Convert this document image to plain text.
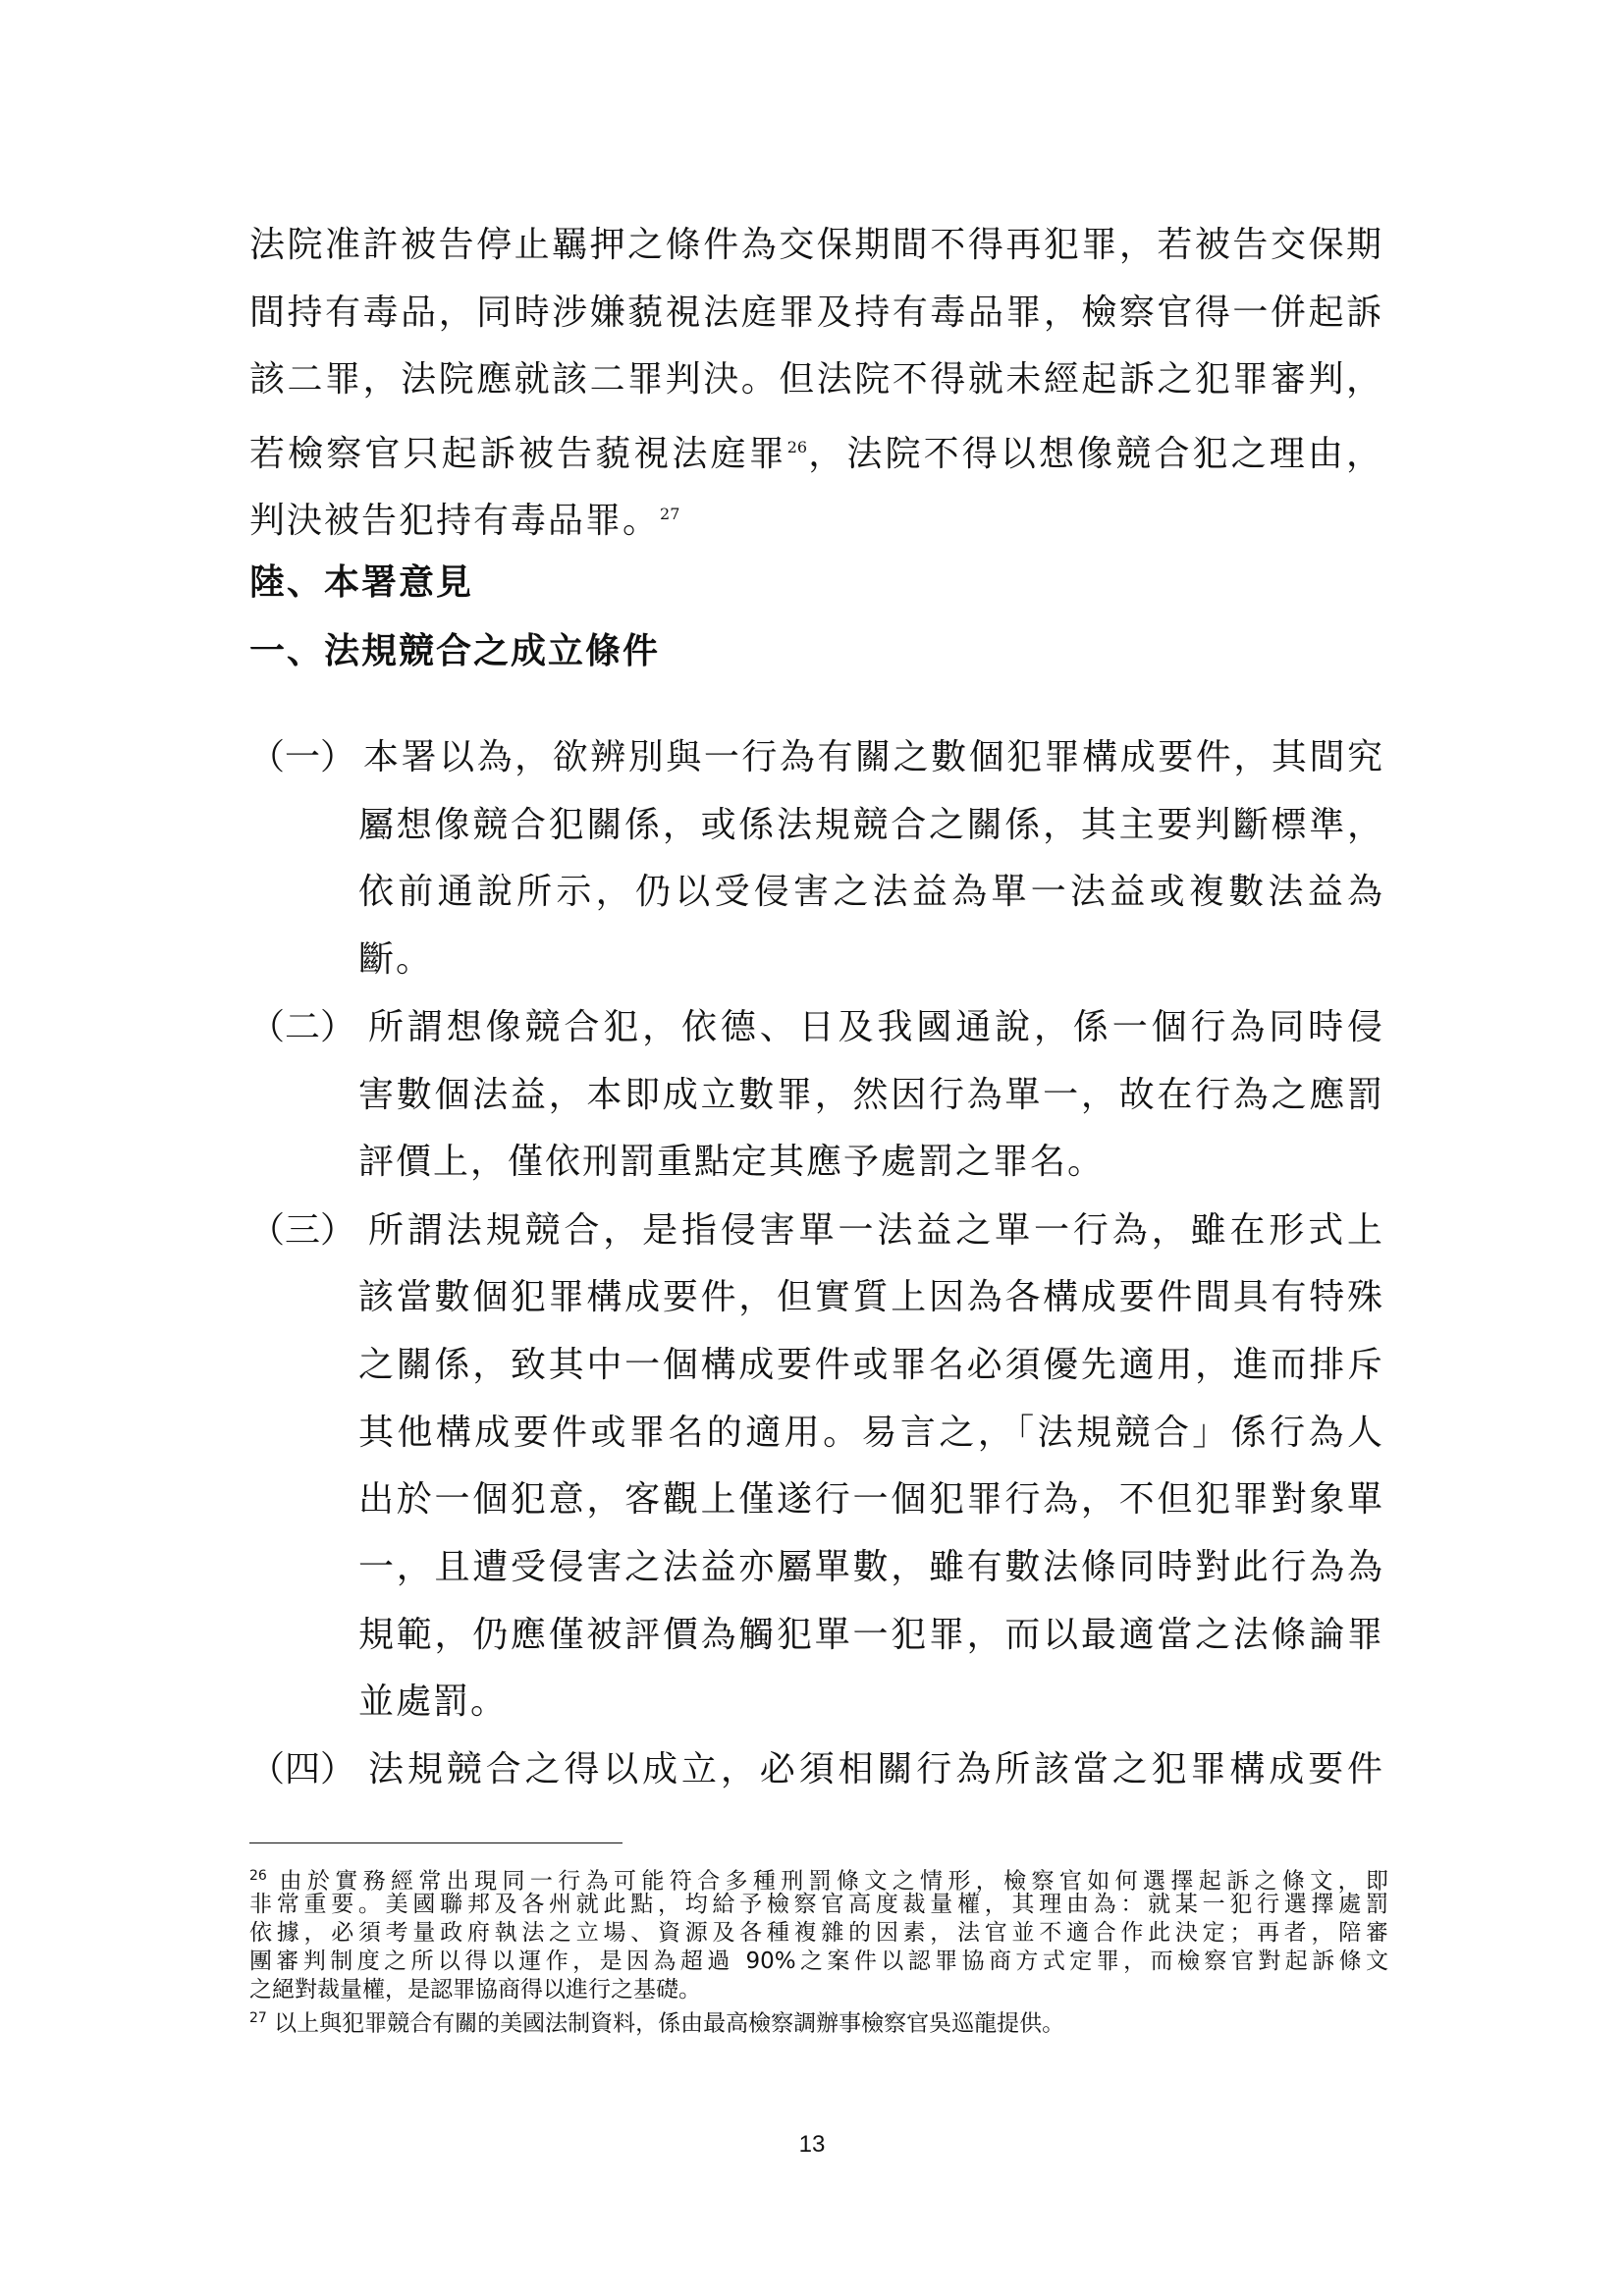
法院准許被告停止羈押之條件為交保期間不得再犯罪，若被告交保期
間持有毒品，同時涉嫌藐視法庭罪及持有毒品罪，檢察官得一併起訴
該二罪，法院應就該二罪判決。但法院不得就未經起訴之犯罪審判，
若檢察官只起訴被告藐視法庭罪$^{26}$，法院不得以想像競合犯之理由，
判決被告犯持有毒品罪。$^{27}$
陸、本署意見
一、法規競合之成立條件
（一） 本署以為，欲辨別與一行為有關之數個犯罪構成要件，其間究
屬想像競合犯關係，或係法規競合之關係，其主要判斷標準，
依前通說所示，仍以受侵害之法益為單一法益或複數法益為
斷。
（二） 所謂想像競合犯，依德、日及我國通說，係一個行為同時侵
害數個法益，本即成立數罪，然因行為單一，故在行為之應罰
評價上，僅依刑罰重點定其應予處罰之罪名。
（三） 所謂法規競合，是指侵害單一法益之單一行為，雖在形式上
該當數個犯罪構成要件，但實質上因為各構成要件間具有特殊
之關係，致其中一個構成要件或罪名必須優先適用，進而排斥
其他構成要件或罪名的適用。易言之，「法規競合」係行為人
出於一個犯意，客觀上僅遂行一個犯罪行為，不但犯罪對象單
一，且遭受侵害之法益亦屬單數，雖有數法條同時對此行為為
規範，仍應僅被評價為觸犯單一犯罪，而以最適當之法條論罪
並處罰。
（四） 法規競合之得以成立，必須相關行為所該當之犯罪構成要件
$^{26}$ 由於實務經常出現同一行為可能符合多種刑罰條文之情形，檢察官如何選擇起訴之條文，即
非常重要。美國聯邦及各州就此點，均給予檢察官高度裁量權，其理由為：就某一犯行選擇處罰
依據，必須考量政府執法之立場、資源及各種複雜的因素，法官並不適合作此決定；再者，陪審
團審判制度之所以得以運作，是因為超過 90%之案件以認罪協商方式定罪，而檢察官對起訴條文
之絕對裁量權，是認罪協商得以進行之基礎。
$^{27}$ 以上與犯罪競合有關的美國法制資料，係由最高檢察調辦事檢察官吳巡龍提供。
13
